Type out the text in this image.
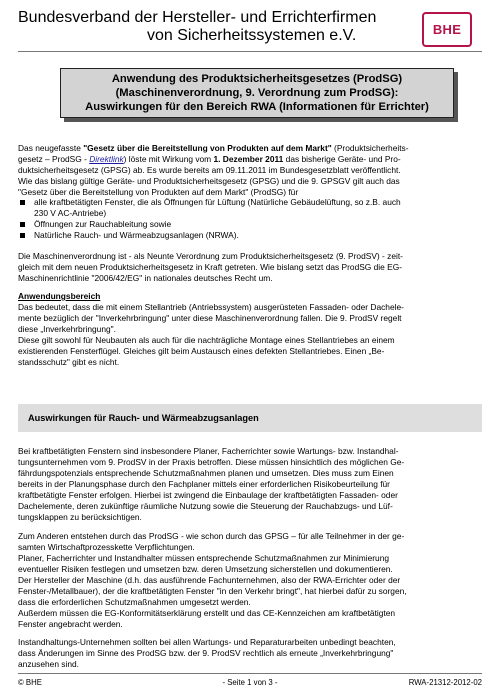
Bundesverband der Hersteller- und Errichterfirmen
von Sicherheitssystemen e.V.	BHE
Anwendung des Produktsicherheitsgesetzes (ProdSG)
(Maschinenverordnung, 9. Verordnung zum ProdSG):
Auswirkungen für den Bereich RWA (Informationen für Errichter)
Das neugefasste "Gesetz über die Bereitstellung von Produkten auf dem Markt" (Produktsicherheits-
gesetz – ProdSG - Direktlink) löste mit Wirkung vom 1. Dezember 2011 das bisherige Geräte- und Pro-
duktsicherheitsgesetz (GPSG) ab. Es wurde bereits am 09.11.2011 im Bundesgesetzblatt veröffentlicht.
Wie das bislang gültige Geräte- und Produktsicherheitsgesetz (GPSG) und die 9. GPSGV gilt auch das
"Gesetz über die Bereitstellung von Produkten auf dem Markt" (ProdSG) für
alle kraftbetätigten Fenster, die als Öffnungen für Lüftung (Natürliche Gebäudelüftung, so z.B. auch
230 V AC-Antriebe)
Öffnungen zur Rauchableitung sowie
Natürliche Rauch- und Wärmeabzugsanlagen (NRWA).
Die Maschinenverordnung ist - als Neunte Verordnung zum Produktsicherheitsgesetz (9. ProdSV) - zeit-
gleich mit dem neuen Produktsicherheitsgesetz in Kraft getreten. Wie bislang setzt das ProdSG die EG-
Maschinenrichtlinie "2006/42/EG" in nationales deutsches Recht um.
Anwendungsbereich
Das bedeutet, dass die mit einem Stellantrieb (Antriebssystem) ausgerüsteten Fassaden- oder Dachele-
mente bezüglich der "Inverkehrbringung" unter diese Maschinenverordnung fallen. Die 9. ProdSV regelt
diese „Inverkehrbringung".
Diese gilt sowohl für Neubauten als auch für die nachträgliche Montage eines Stellantriebes an einem
existierenden Fensterflügel. Gleiches gilt beim Austausch eines defekten Stellantriebes. Einen „Be-
standsschutz" gibt es nicht.
Auswirkungen für Rauch- und Wärmeabzugsanlagen
Bei kraftbetätigten Fenstern sind insbesondere Planer, Facherrichter sowie Wartungs- bzw. Instandhal-
tungsunternehmen vom 9. ProdSV in der Praxis betroffen. Diese müssen hinsichtlich des möglichen Ge-
fährdungspotenzials entsprechende Schutzmaßnahmen planen und umsetzen. Dies muss zum Einen
bereits in der Planungsphase durch den Fachplaner mittels einer erforderlichen Risikobeurteilung für
kraftbetätigte Fenster erfolgen. Hierbei ist zwingend die Einbaulage der kraftbetätigten Fassaden- oder
Dachelemente, deren zukünftige räumliche Nutzung sowie die Steuerung der Rauchabzugs- und Lüf-
tungsklappen zu berücksichtigen.
Zum Anderen entstehen durch das ProdSG - wie schon durch das GPSG – für alle Teilnehmer in der ge-
samten Wirtschaftprozesskette Verpflichtungen.
Planer, Facherrichter und Instandhalter müssen entsprechende Schutzmaßnahmen zur Minimierung
eventueller Risiken festlegen und umsetzen bzw. deren Umsetzung sicherstellen und dokumentieren.
Der Hersteller der Maschine (d.h. das ausführende Fachunternehmen, also der RWA-Errichter oder der
Fenster-/Metallbauer), der die kraftbetätigten Fenster "in den Verkehr bringt", hat hierbei dafür zu sorgen,
dass die erforderlichen Schutzmaßnahmen umgesetzt werden.
Außerdem müssen die EG-Konformitätserklärung erstellt und das CE-Kennzeichen am kraftbetätigten
Fenster angebracht werden.
Instandhaltungs-Unternehmen sollten bei allen Wartungs- und Reparaturarbeiten unbedingt beachten,
dass Änderungen im Sinne des ProdSG bzw. der 9. ProdSV rechtlich als erneute „Inverkehrbringung"
anzusehen sind.
© BHE	- Seite 1 von 3 -	RWA-21312-2012-02
